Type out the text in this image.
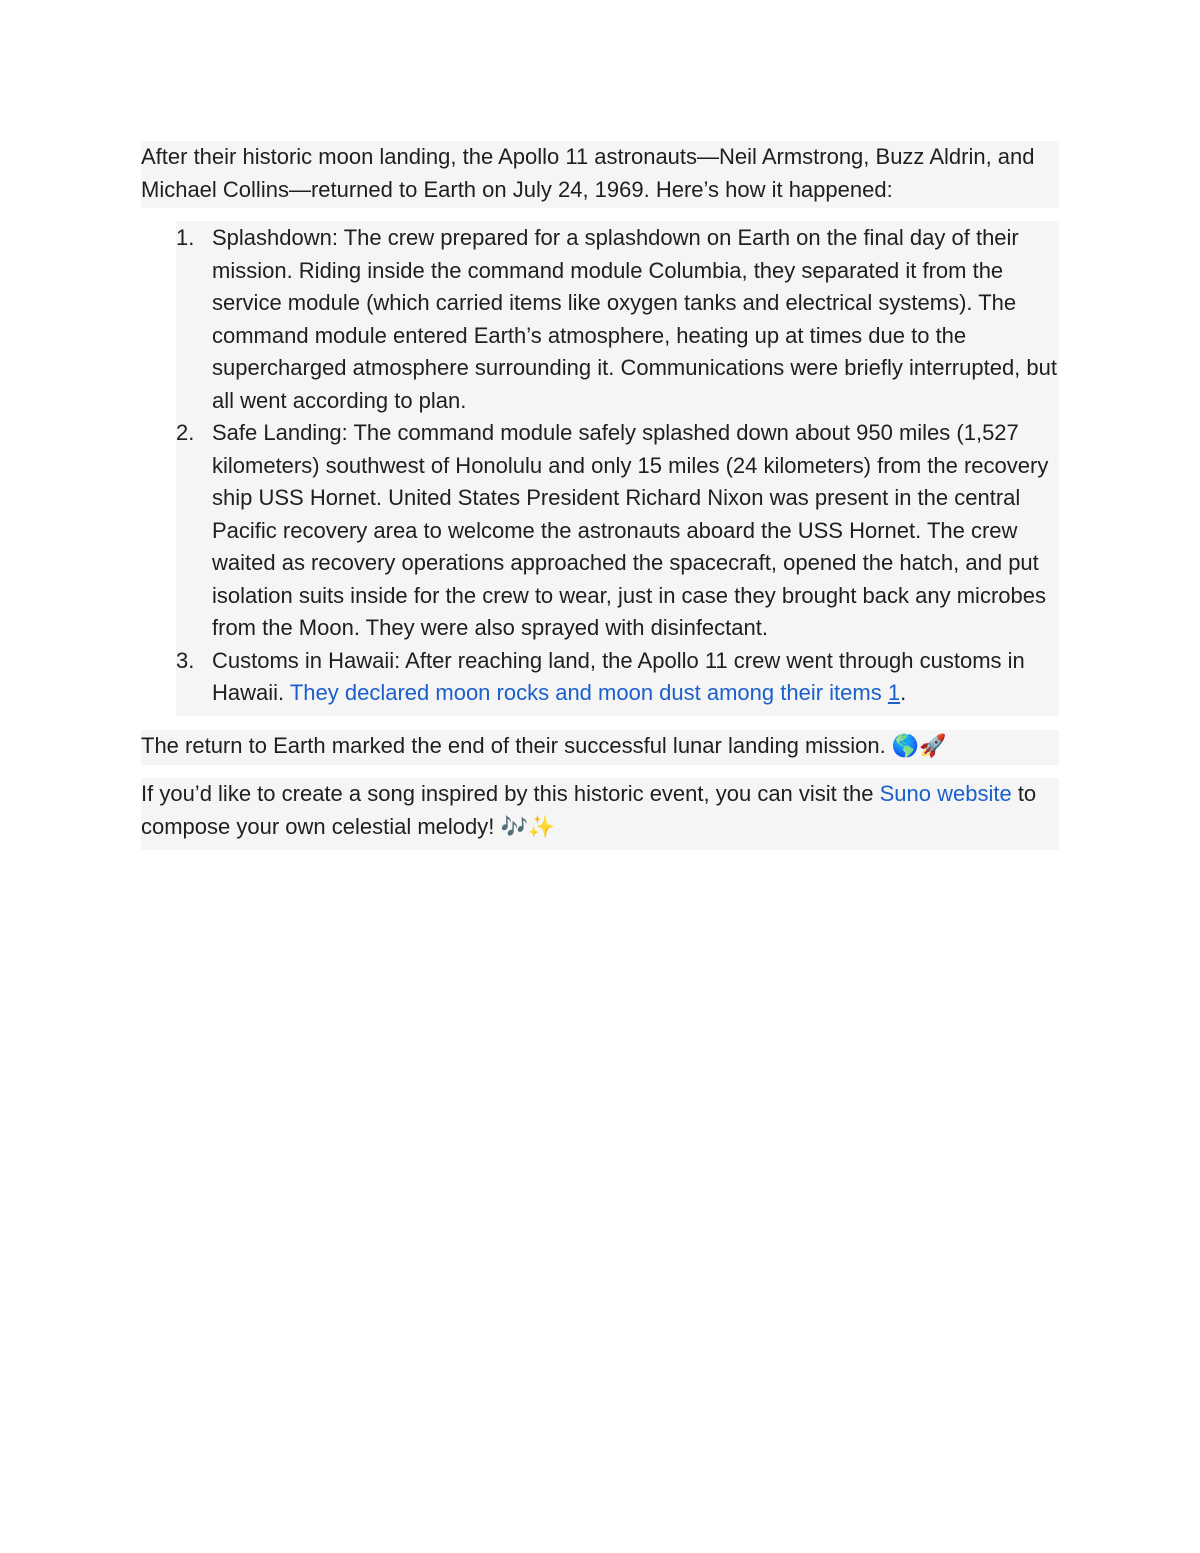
After their historic moon landing, the Apollo 11 astronauts—Neil Armstrong, Buzz Aldrin, and Michael Collins—returned to Earth on July 24, 1969. Here’s how it happened:
1. Splashdown: The crew prepared for a splashdown on Earth on the final day of their mission. Riding inside the command module Columbia, they separated it from the service module (which carried items like oxygen tanks and electrical systems). The command module entered Earth’s atmosphere, heating up at times due to the supercharged atmosphere surrounding it. Communications were briefly interrupted, but all went according to plan.
2. Safe Landing: The command module safely splashed down about 950 miles (1,527 kilometers) southwest of Honolulu and only 15 miles (24 kilometers) from the recovery ship USS Hornet. United States President Richard Nixon was present in the central Pacific recovery area to welcome the astronauts aboard the USS Hornet. The crew waited as recovery operations approached the spacecraft, opened the hatch, and put isolation suits inside for the crew to wear, just in case they brought back any microbes from the Moon. They were also sprayed with disinfectant.
3. Customs in Hawaii: After reaching land, the Apollo 11 crew went through customs in Hawaii. They declared moon rocks and moon dust among their items 1.
The return to Earth marked the end of their successful lunar landing mission. 🌎🚀
If you’d like to create a song inspired by this historic event, you can visit the Suno website to compose your own celestial melody! 🎶✨
